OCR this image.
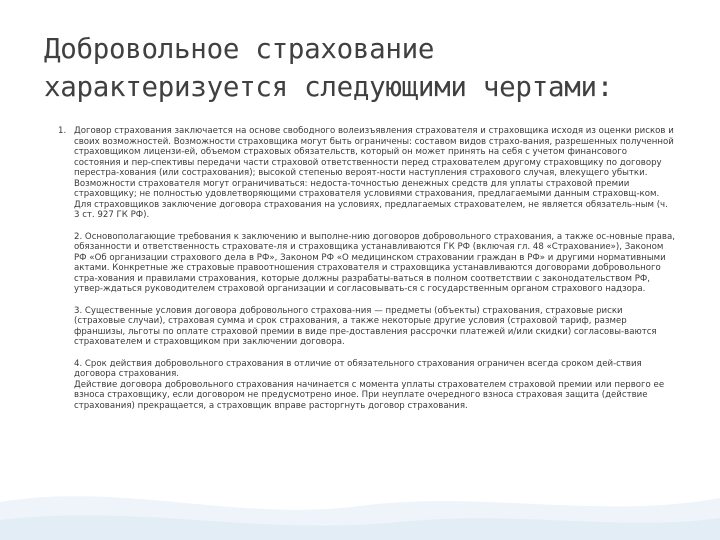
Добровольное страхование
характеризуется следующими чертами:
1. Договор страхования заключается на основе свободного волеизъявления страхователя и страховщика исходя из оценки рисков и своих возможностей. Возможности страховщика могут быть ограничены: составом видов страхо-вания, разрешенных полученной страховщиком лицензи-ей, объемом страховых обязательств, который он может принять на себя с учетом финансового состояния и пер-спективы передачи части страховой ответственности перед страхователем другому страховщику по договору перестра-хования (или сострахования); высокой степенью вероят-ности наступления страхового случая, влекущего убытки. Возможности страхователя могут ограничиваться: недоста-точностью денежных средств для уплаты страховой премии страховщику; не полностью удовлетворяющими страхователя условиями страхования, предлагаемыми данным страховщ-ком. Для страховщиков заключение договора страхования на условиях, предлагаемых страхователем, не является обязатель-ным (ч. 3 ст. 927 ГК РФ).

2. Основополагающие требования к заключению и выполне-нию договоров добровольного страхования, а также ос-новные права, обязанности и ответственность страховате-ля и страховщика устанавливаются ГК РФ (включая гл. 48 «Страхование»), Законом РФ «Об организации страхового дела в РФ», Законом РФ «О медицинском страховании граждан в РФ» и другими нормативными актами. Конкретные же страховые правоотношения страхователя и страховщика устанавливаются договорами добровольного стра-хования и правилами страхования, которые должны разрабаты-ваться в полном соответствии с законодательством РФ, утвер-ждаться руководителем страховой организации и согласовывать-ся с государственным органом страхового надзора.

3. Существенные условия договора добровольного страхова-ния — предметы (объекты) страхования, страховые риски (страховые случаи), страховая сумма и срок страхования, а также некоторые другие условия (страховой тариф, размер франшизы, льготы по оплате страховой премии в виде пре-доставления рассрочки платежей и/или скидки) согласовы-ваются страхователем и страховщиком при заключении договора.

4. Срок действия добровольного страхования в отличие от обязательного страхования ограничен всегда сроком дей-ствия договора страхования.

Действие договора добровольного страхования начинается с момента уплаты страхователем страховой премии или первого ее взноса страховщику, если договором не предусмотрено иное. При неуплате очередного взноса страховая защита (действие страхования) прекращается, а страховщик вправе расторгнуть договор страхования.
